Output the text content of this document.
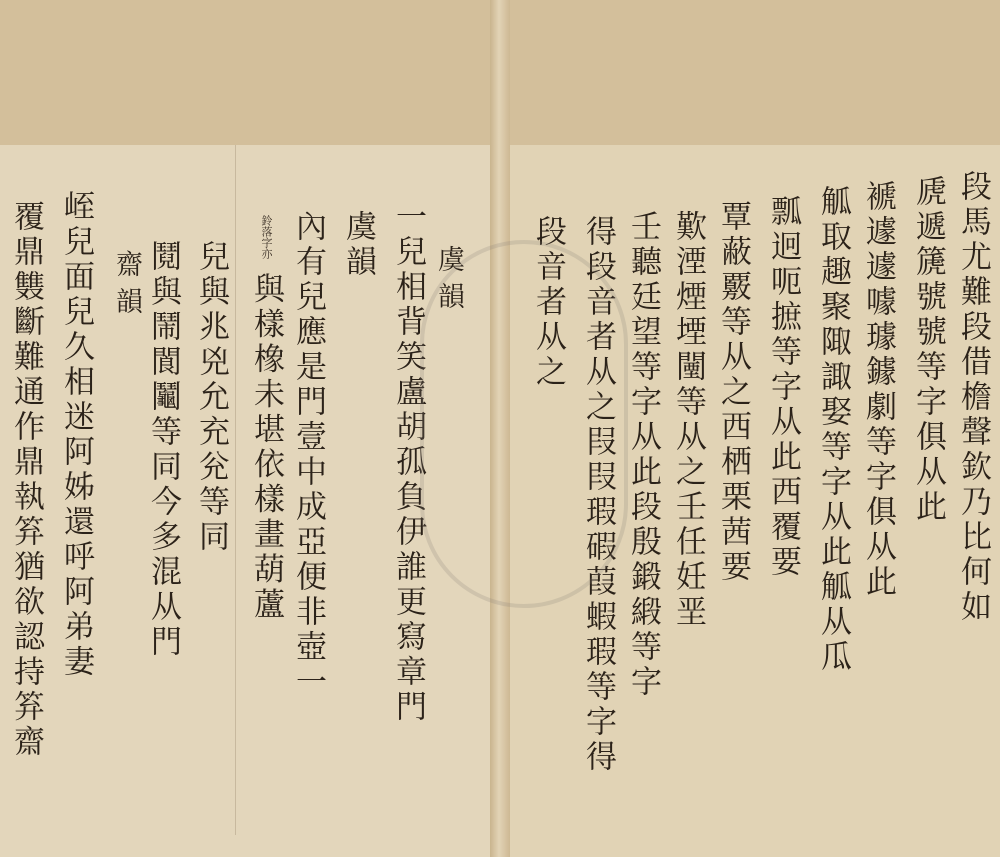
覆鼎䨇斷難通作鼎執笲猶欲認持笲齋 峌兒面兒久相迷阿姊還呼阿弟妻 齋韻 鬩與鬧閬鬮等同今多混从門 兒與兆兇允充兊等同
鈴落字亦 與樣橡未堪依樣畫葫蘆 內有兒應是門壹中成亞便非壺一 虞韻 一兒相背笑盧胡孤負伊誰更寫章門 虞韻 段音者从之 得段音者从之叚叚瑕碬葭蝦瑕等字得 壬聽廷望等字从此段殷鍛緞等字 歎湮煙堙闉等从之壬任妊垩 覃蔽覈等从之西栖栗茜要 瓢迥呃摭等字从此西覆要 觚取趣聚陬諏娶等字从此觚从瓜 褫遽遽噱璩鐻劇等字俱从此 虒遞篪號號等字俱从此 段馬尤難段借檐聲欽乃比何如
